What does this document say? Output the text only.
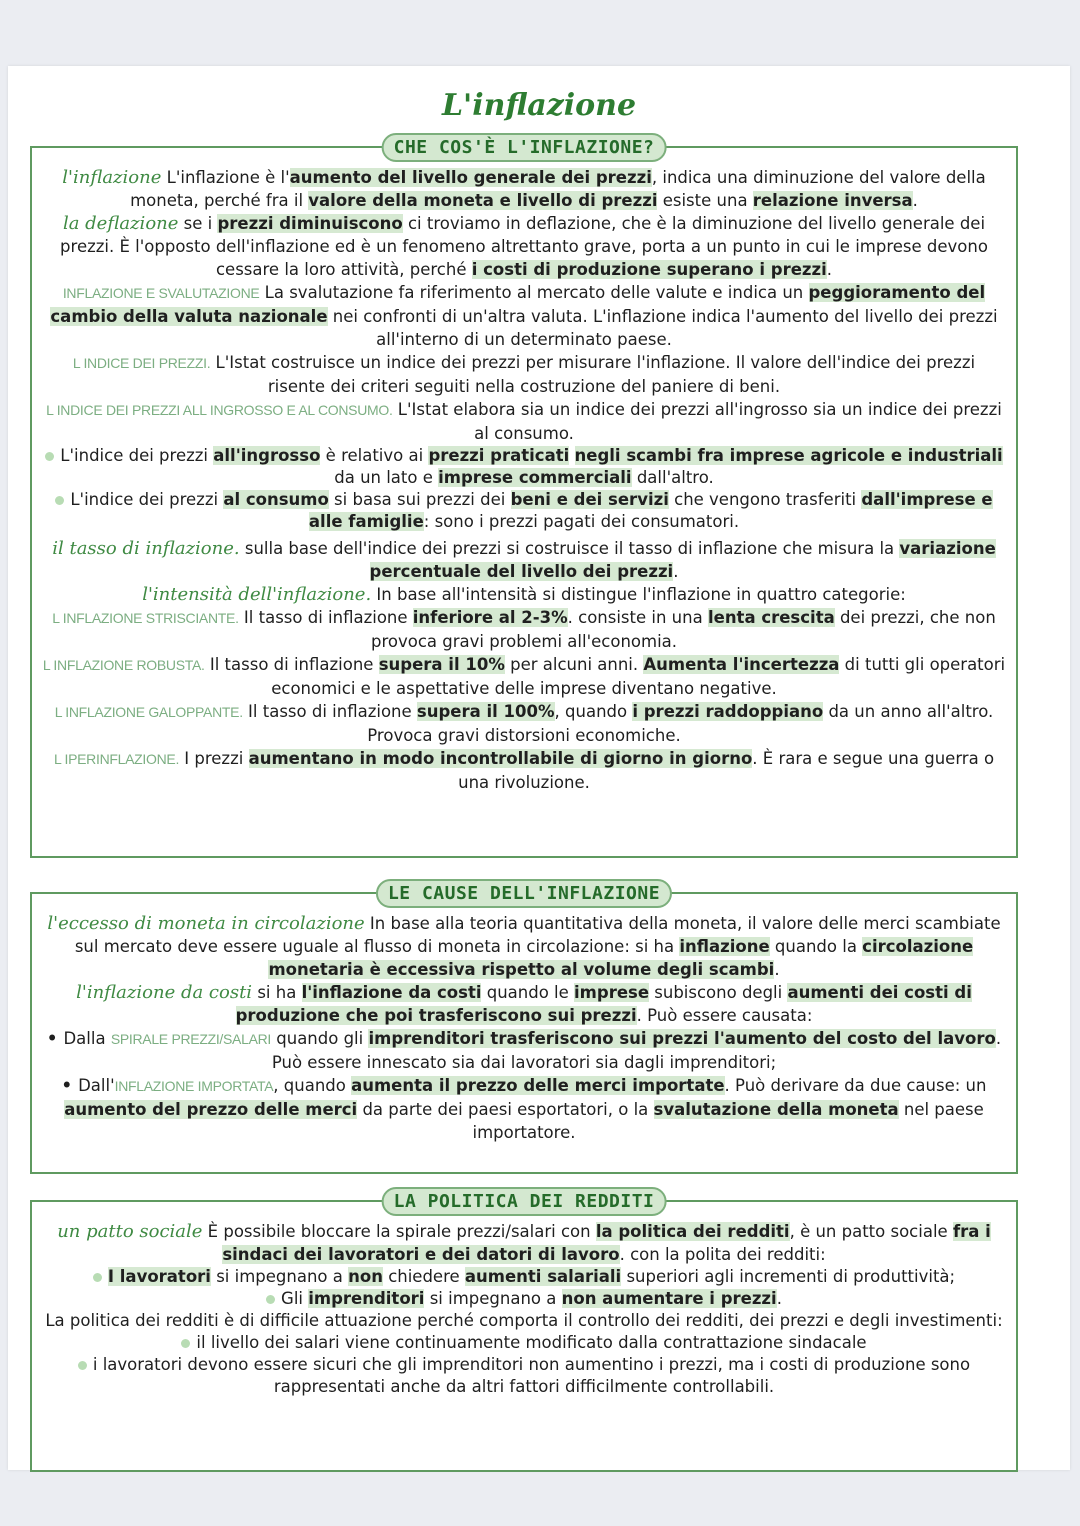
L'inflazione
CHE COS'È L'INFLAZIONE?

l'inflazione L'inflazione è l'aumento del livello generale dei prezzi, indica una diminuzione del valore della moneta, perché fra il valore della moneta e livello di prezzi esiste una relazione inversa.

la deflazione se i prezzi diminuiscono ci troviamo in deflazione, che è la diminuzione del livello generale dei prezzi. È l'opposto dell'inflazione ed è un fenomeno altrettanto grave, porta a un punto in cui le imprese devono cessare la loro attività, perché i costi di produzione superano i prezzi.

INFLAZIONE E SVALUTAZIONE La svalutazione fa riferimento al mercato delle valute e indica un peggioramento del cambio della valuta nazionale nei confronti di un'altra valuta. L'inflazione indica l'aumento del livello dei prezzi all'interno di un determinato paese.

L INDICE DEI PREZZI. L'Istat costruisce un indice dei prezzi per misurare l'inflazione. Il valore dell'indice dei prezzi risente dei criteri seguiti nella costruzione del paniere di beni.

L INDICE DEI PREZZI ALL INGROSSO E AL CONSUMO. L'Istat elabora sia un indice dei prezzi all'ingrosso sia un indice dei prezzi al consumo.

L'indice dei prezzi all'ingrosso è relativo ai prezzi praticati negli scambi fra imprese agricole e industriali da un lato e imprese commerciali dall'altro.

L'indice dei prezzi al consumo si basa sui prezzi dei beni e dei servizi che vengono trasferiti dall'imprese e alle famiglie: sono i prezzi pagati dei consumatori.

il tasso di inflazione. sulla base dell'indice dei prezzi si costruisce il tasso di inflazione che misura la variazione percentuale del livello dei prezzi.

l'intensità dell'inflazione. In base all'intensità si distingue l'inflazione in quattro categorie:

L INFLAZIONE STRISCIANTE. Il tasso di inflazione inferiore al 2-3%. consiste in una lenta crescita dei prezzi, che non provoca gravi problemi all'economia.

L INFLAZIONE ROBUSTA. Il tasso di inflazione supera il 10% per alcuni anni. Aumenta l'incertezza di tutti gli operatori economici e le aspettative delle imprese diventano negative.

L INFLAZIONE GALOPPANTE. Il tasso di inflazione supera il 100%, quando i prezzi raddoppiano da un anno all'altro. Provoca gravi distorsioni economiche.

L IPERINFLAZIONE. I prezzi aumentano in modo incontrollabile di giorno in giorno. È rara e segue una guerra o una rivoluzione.

LE CAUSE DELL'INFLAZIONE

l'eccesso di moneta in circolazione In base alla teoria quantitativa della moneta, il valore delle merci scambiate sul mercato deve essere uguale al flusso di moneta in circolazione: si ha inflazione quando la circolazione monetaria è eccessiva rispetto al volume degli scambi.

l'inflazione da costi si ha l'inflazione da costi quando le imprese subiscono degli aumenti dei costi di produzione che poi trasferiscono sui prezzi. Può essere causata:

• Dalla SPIRALE PREZZI/SALARI quando gli imprenditori trasferiscono sui prezzi l'aumento del costo del lavoro. Può essere innescato sia dai lavoratori sia dagli imprenditori;

• Dall'INFLAZIONE IMPORTATA, quando aumenta il prezzo delle merci importate. Può derivare da due cause: un aumento del prezzo delle merci da parte dei paesi esportatori, o la svalutazione della moneta nel paese importatore.

LA POLITICA DEI REDDITI

un patto sociale È possibile bloccare la spirale prezzi/salari con la politica dei redditi, è un patto sociale fra i sindaci dei lavoratori e dei datori di lavoro. con la polita dei redditi:

I lavoratori si impegnano a non chiedere aumenti salariali superiori agli incrementi di produttività;

Gli imprenditori si impegnano a non aumentare i prezzi.

La politica dei redditi è di difficile attuazione perché comporta il controllo dei redditi, dei prezzi e degli investimenti:

il livello dei salari viene continuamente modificato dalla contrattazione sindacale

i lavoratori devono essere sicuri che gli imprenditori non aumentino i prezzi, ma i costi di produzione sono rappresentati anche da altri fattori difficilmente controllabili.
